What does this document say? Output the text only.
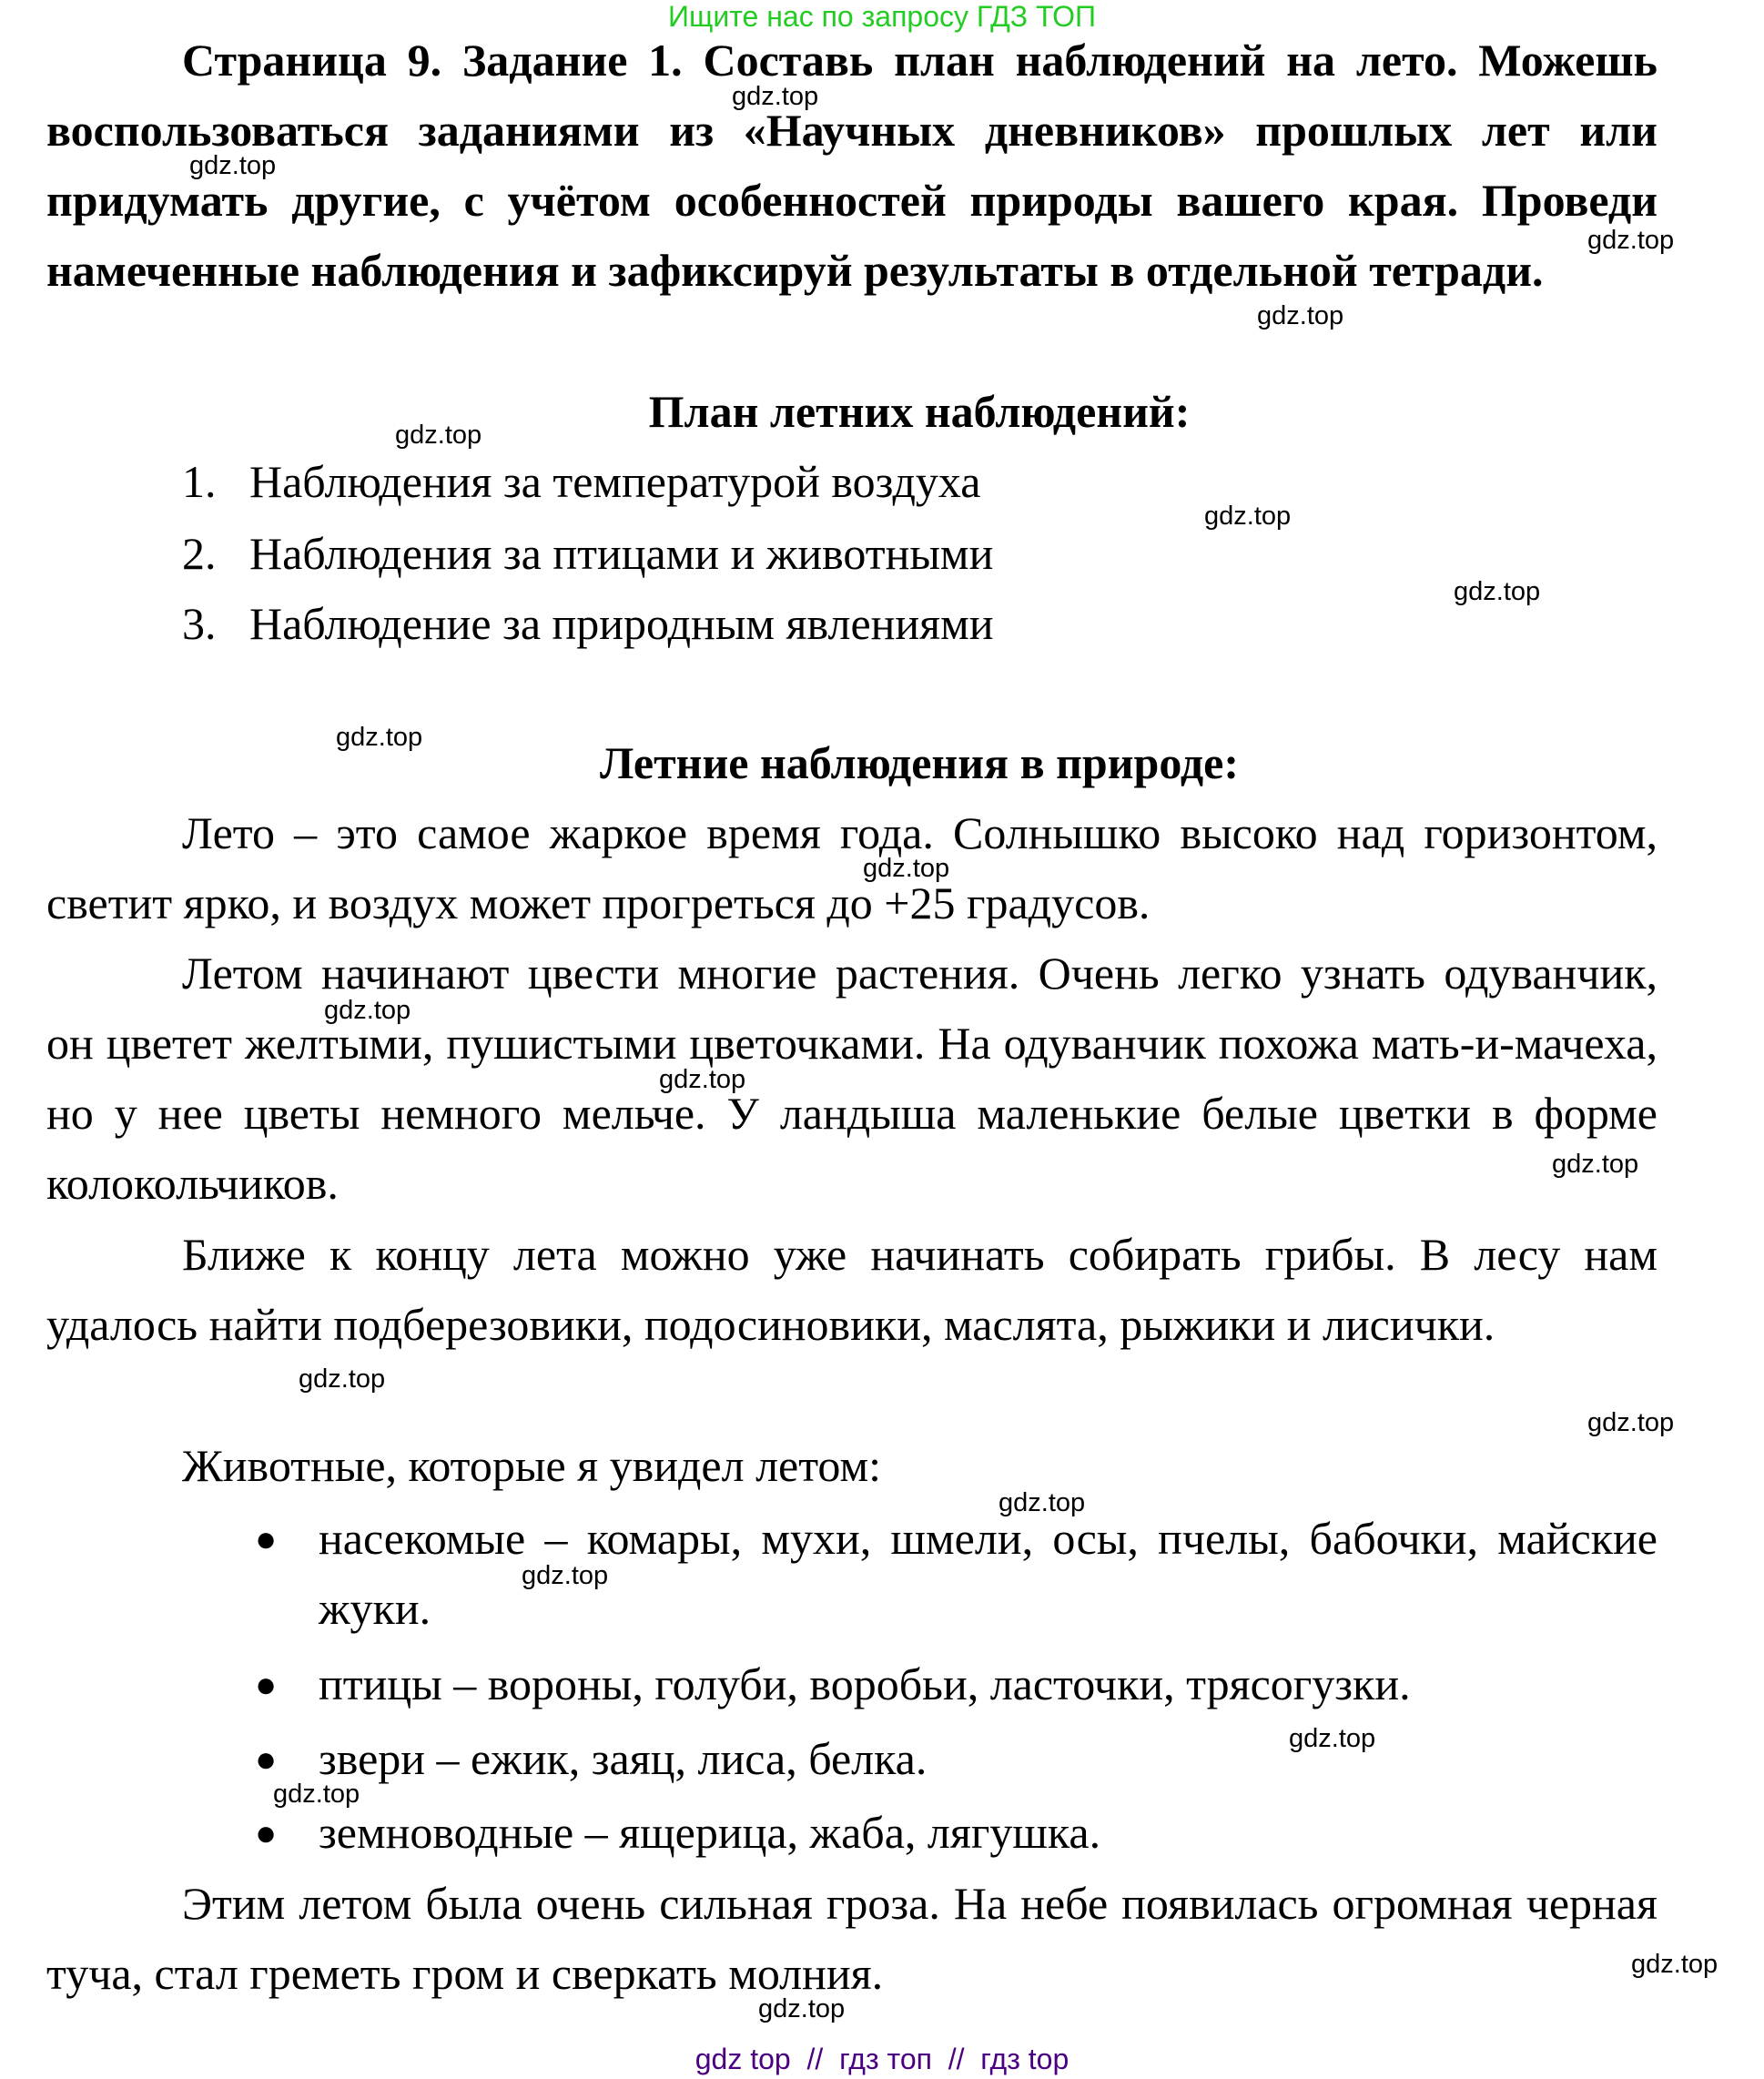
Ищите нас по запросу ГДЗ ТОП
Страница 9. Задание 1. Составь план наблюдений на лето. Можешь воспользоваться заданиями из «Научных дневников» прошлых лет или придумать другие, с учётом особенностей природы вашего края. Проведи намеченные наблюдения и зафиксируй результаты в отдельной тетради.
План летних наблюдений:
1. Наблюдения за температурой воздуха
2. Наблюдения за птицами и животными
3. Наблюдение за природным явлениями
Летние наблюдения в природе:
Лето – это самое жаркое время года. Солнышко высоко над горизонтом, светит ярко, и воздух может прогреться до +25 градусов.
Летом начинают цвести многие растения. Очень легко узнать одуванчик, он цветет желтыми, пушистыми цветочками. На одуванчик похожа мать-и-мачеха, но у нее цветы немного мельче. У ландыша маленькие белые цветки в форме колокольчиков.
Ближе к концу лета можно уже начинать собирать грибы. В лесу нам удалось найти подберезовики, подосиновики, маслята, рыжики и лисички.
Животные, которые я увидел летом:
● насекомые – комары, мухи, шмели, осы, пчелы, бабочки, майские жуки.
● птицы – вороны, голуби, воробьи, ласточки, трясогузки.
● звери – ежик, заяц, лиса, белка.
● земноводные – ящерица, жаба, лягушка.
Этим летом была очень сильная гроза. На небе появилась огромная черная туча, стал греметь гром и сверкать молния.
gdz.top
gdz.top
gdz.top
gdz.top
gdz.top
gdz.top
gdz.top
gdz.top
gdz.top
gdz.top
gdz.top
gdz.top
gdz.top
gdz.top
gdz.top
gdz.top
gdz.top
gdz.top
gdz.top
gdz.top
gdz top  //  гдз топ  //  гдз top
